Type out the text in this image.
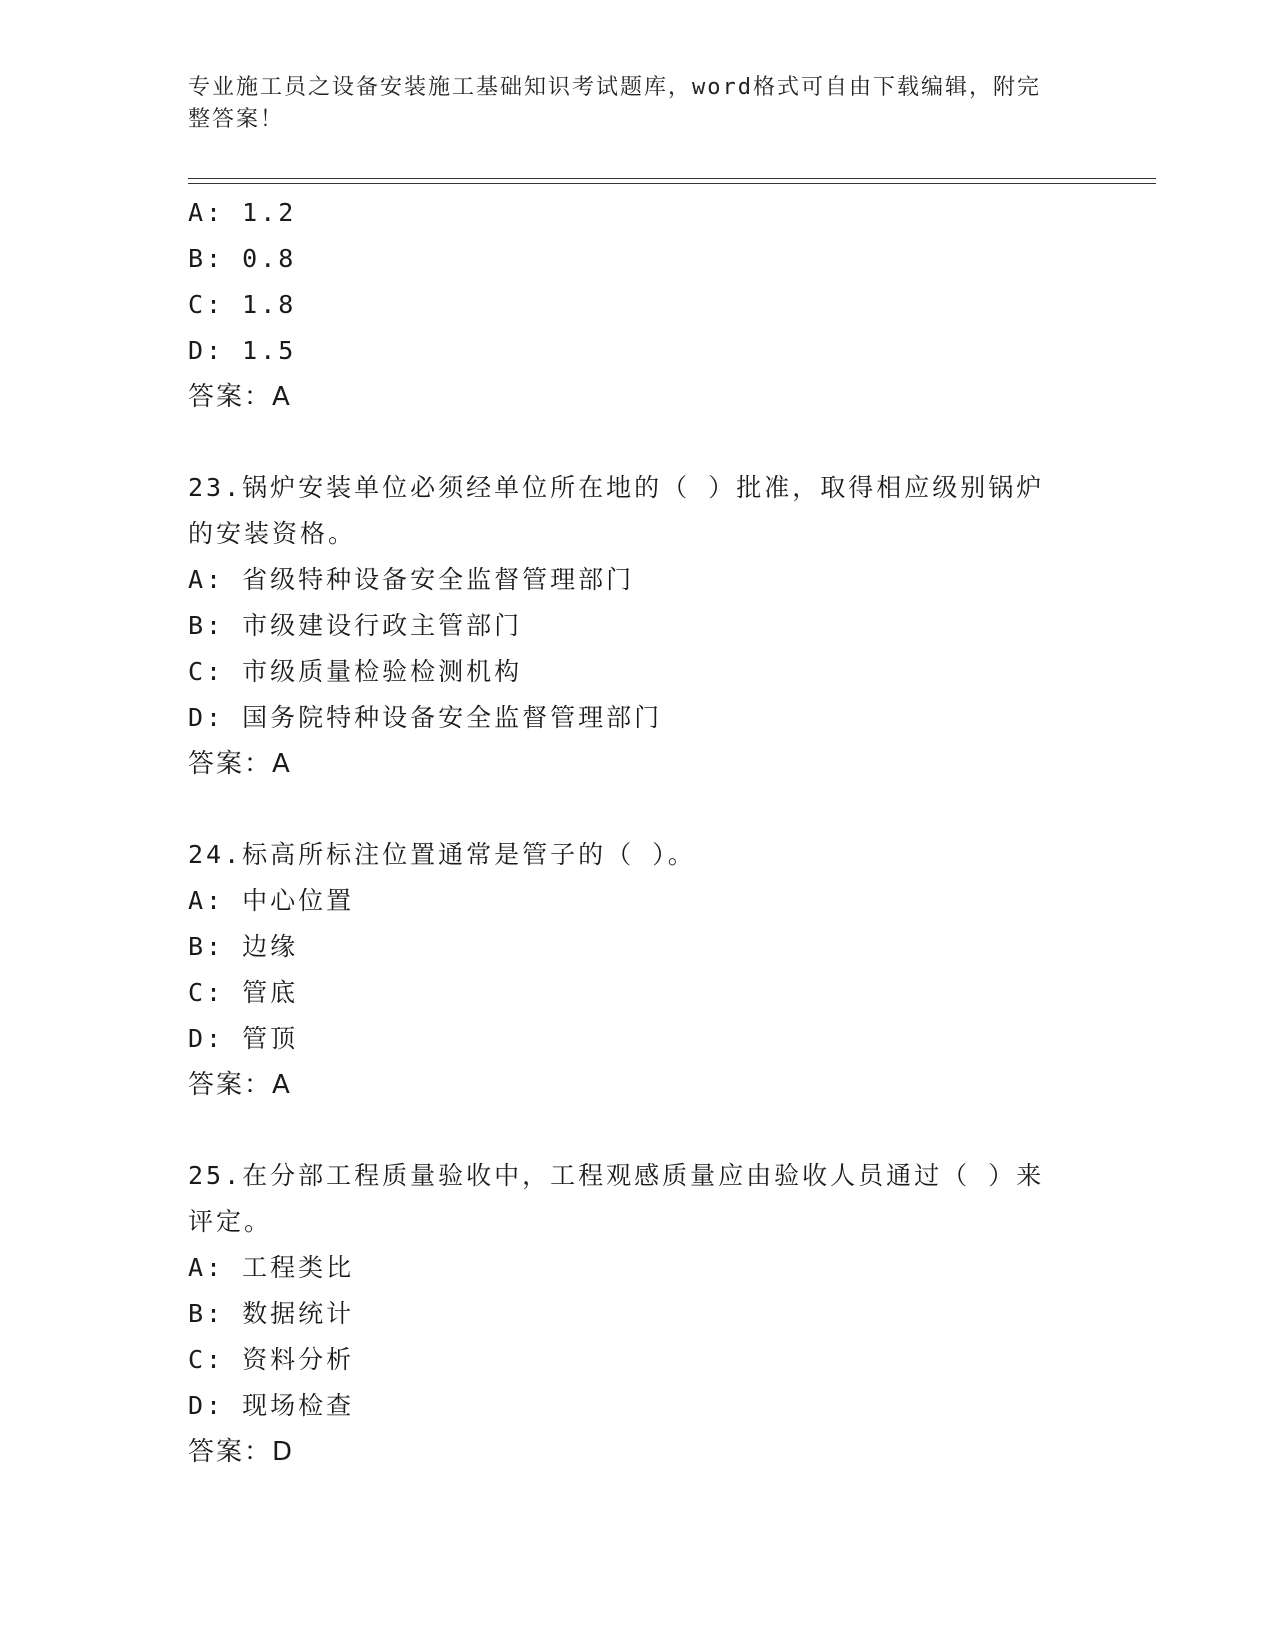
专业施工员之设备安装施工基础知识考试题库，word格式可自由下载编辑，附完
整答案！
A: 1.2
B: 0.8
C: 1.8
D: 1.5
答案：A
23.锅炉安装单位必须经单位所在地的（ ）批准，取得相应级别锅炉
的安装资格。
A: 省级特种设备安全监督管理部门
B: 市级建设行政主管部门
C: 市级质量检验检测机构
D: 国务院特种设备安全监督管理部门
答案：A
24.标高所标注位置通常是管子的（ ）。
A: 中心位置
B: 边缘
C: 管底
D: 管顶
答案：A
25.在分部工程质量验收中，工程观感质量应由验收人员通过（ ）来
评定。
A: 工程类比
B: 数据统计
C: 资料分析
D: 现场检查
答案：D
